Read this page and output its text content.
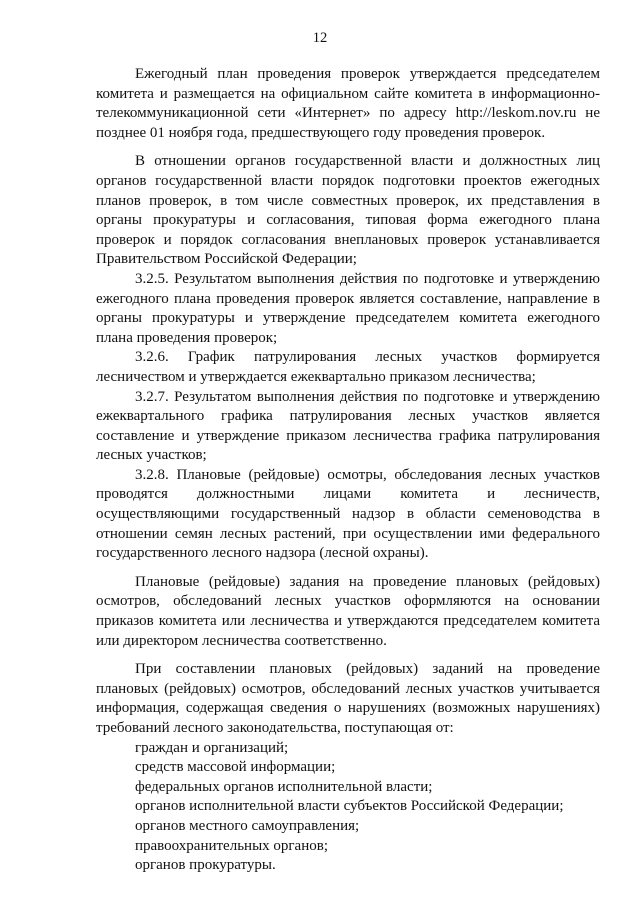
12

Ежегодный план проведения проверок утверждается председателем комитета и размещается на официальном сайте комитета в информационно-телекоммуникационной сети «Интернет» по адресу http://leskom.nov.ru не позднее 01 ноября года, предшествующего году проведения проверок.

В отношении органов государственной власти и должностных лиц органов государственной власти порядок подготовки проектов ежегодных планов проверок, в том числе совместных проверок, их представления в органы прокуратуры и согласования, типовая форма ежегодного плана проверок и порядок согласования внеплановых проверок устанавливается Правительством Российской Федерации;

3.2.5. Результатом выполнения действия по подготовке и утверждению ежегодного плана проведения проверок является составление, направление в органы прокуратуры и утверждение председателем комитета ежегодного плана проведения проверок;

3.2.6. График патрулирования лесных участков формируется лесничеством и утверждается ежеквартально приказом лесничества;

3.2.7. Результатом выполнения действия по подготовке и утверждению ежеквартального графика патрулирования лесных участков является составление и утверждение приказом лесничества графика патрулирования лесных участков;

3.2.8. Плановые (рейдовые) осмотры, обследования лесных участков проводятся должностными лицами комитета и лесничеств, осуществляющими государственный надзор в области семеноводства в отношении семян лесных растений, при осуществлении ими федерального государственного лесного надзора (лесной охраны).

Плановые (рейдовые) задания на проведение плановых (рейдовых) осмотров, обследований лесных участков оформляются на основании приказов комитета или лесничества и утверждаются председателем комитета или директором лесничества соответственно.

При составлении плановых (рейдовых) заданий на проведение плановых (рейдовых) осмотров, обследований лесных участков учитывается информация, содержащая сведения о нарушениях (возможных нарушениях) требований лесного законодательства, поступающая от:

граждан и организаций;
средств массовой информации;
федеральных органов исполнительной власти;
органов исполнительной власти субъектов Российской Федерации;
органов местного самоуправления;
правоохранительных органов;
органов прокуратуры.
